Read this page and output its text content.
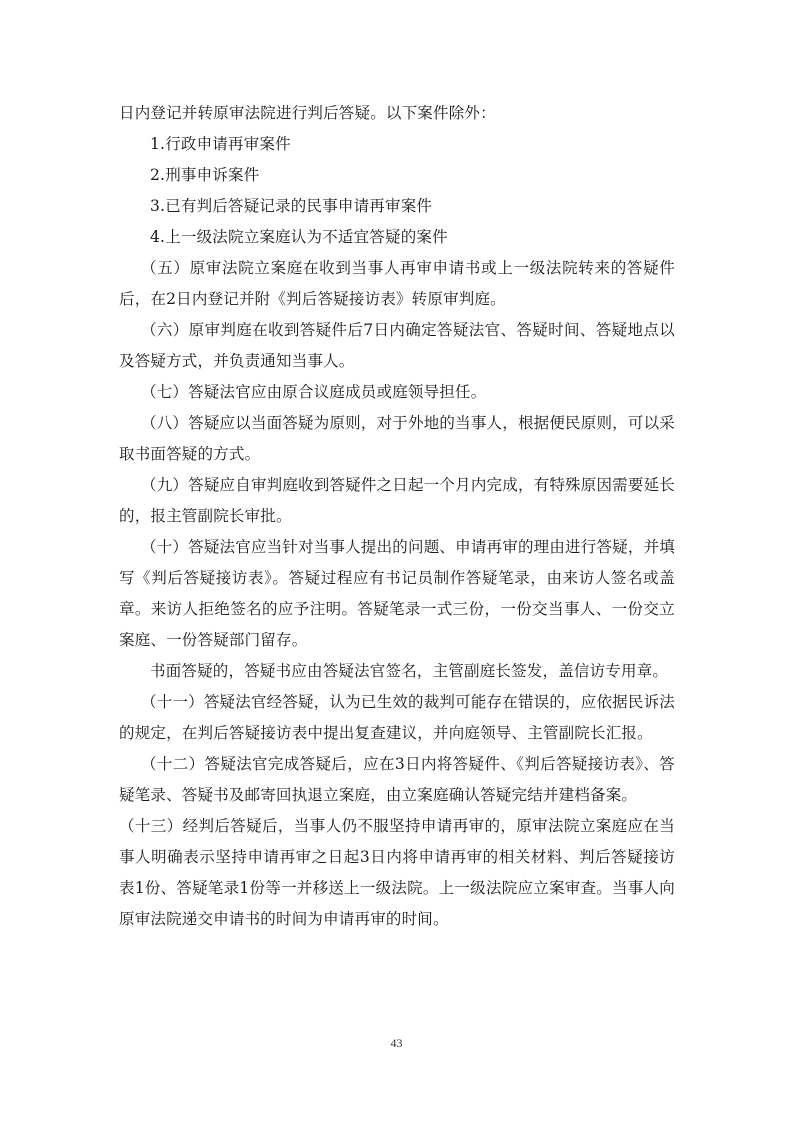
日内登记并转原审法院进行判后答疑。以下案件除外：

1.行政申请再审案件

2.刑事申诉案件

3.已有判后答疑记录的民事申请再审案件

4.上一级法院立案庭认为不适宜答疑的案件

（五）原审法院立案庭在收到当事人再审申请书或上一级法院转来的答疑件后，在2日内登记并附《判后答疑接访表》转原审判庭。

（六）原审判庭在收到答疑件后7日内确定答疑法官、答疑时间、答疑地点以及答疑方式，并负责通知当事人。

（七）答疑法官应由原合议庭成员或庭领导担任。

（八）答疑应以当面答疑为原则，对于外地的当事人，根据便民原则，可以采取书面答疑的方式。

（九）答疑应自审判庭收到答疑件之日起一个月内完成，有特殊原因需要延长的，报主管副院长审批。

（十）答疑法官应当针对当事人提出的问题、申请再审的理由进行答疑，并填写《判后答疑接访表》。答疑过程应有书记员制作答疑笔录，由来访人签名或盖章。来访人拒绝签名的应予注明。答疑笔录一式三份，一份交当事人、一份交立案庭、一份答疑部门留存。

书面答疑的，答疑书应由答疑法官签名，主管副庭长签发，盖信访专用章。

（十一）答疑法官经答疑，认为已生效的裁判可能存在错误的，应依据民诉法的规定，在判后答疑接访表中提出复查建议，并向庭领导、主管副院长汇报。

（十二）答疑法官完成答疑后，应在3日内将答疑件、《判后答疑接访表》、答疑笔录、答疑书及邮寄回执退立案庭，由立案庭确认答疑完结并建档备案。

（十三）经判后答疑后，当事人仍不服坚持申请再审的，原审法院立案庭应在当事人明确表示坚持申请再审之日起3日内将申请再审的相关材料、判后答疑接访表1份、答疑笔录1份等一并移送上一级法院。上一级法院应立案审查。当事人向原审法院递交申请书的时间为申请再审的时间。

43
